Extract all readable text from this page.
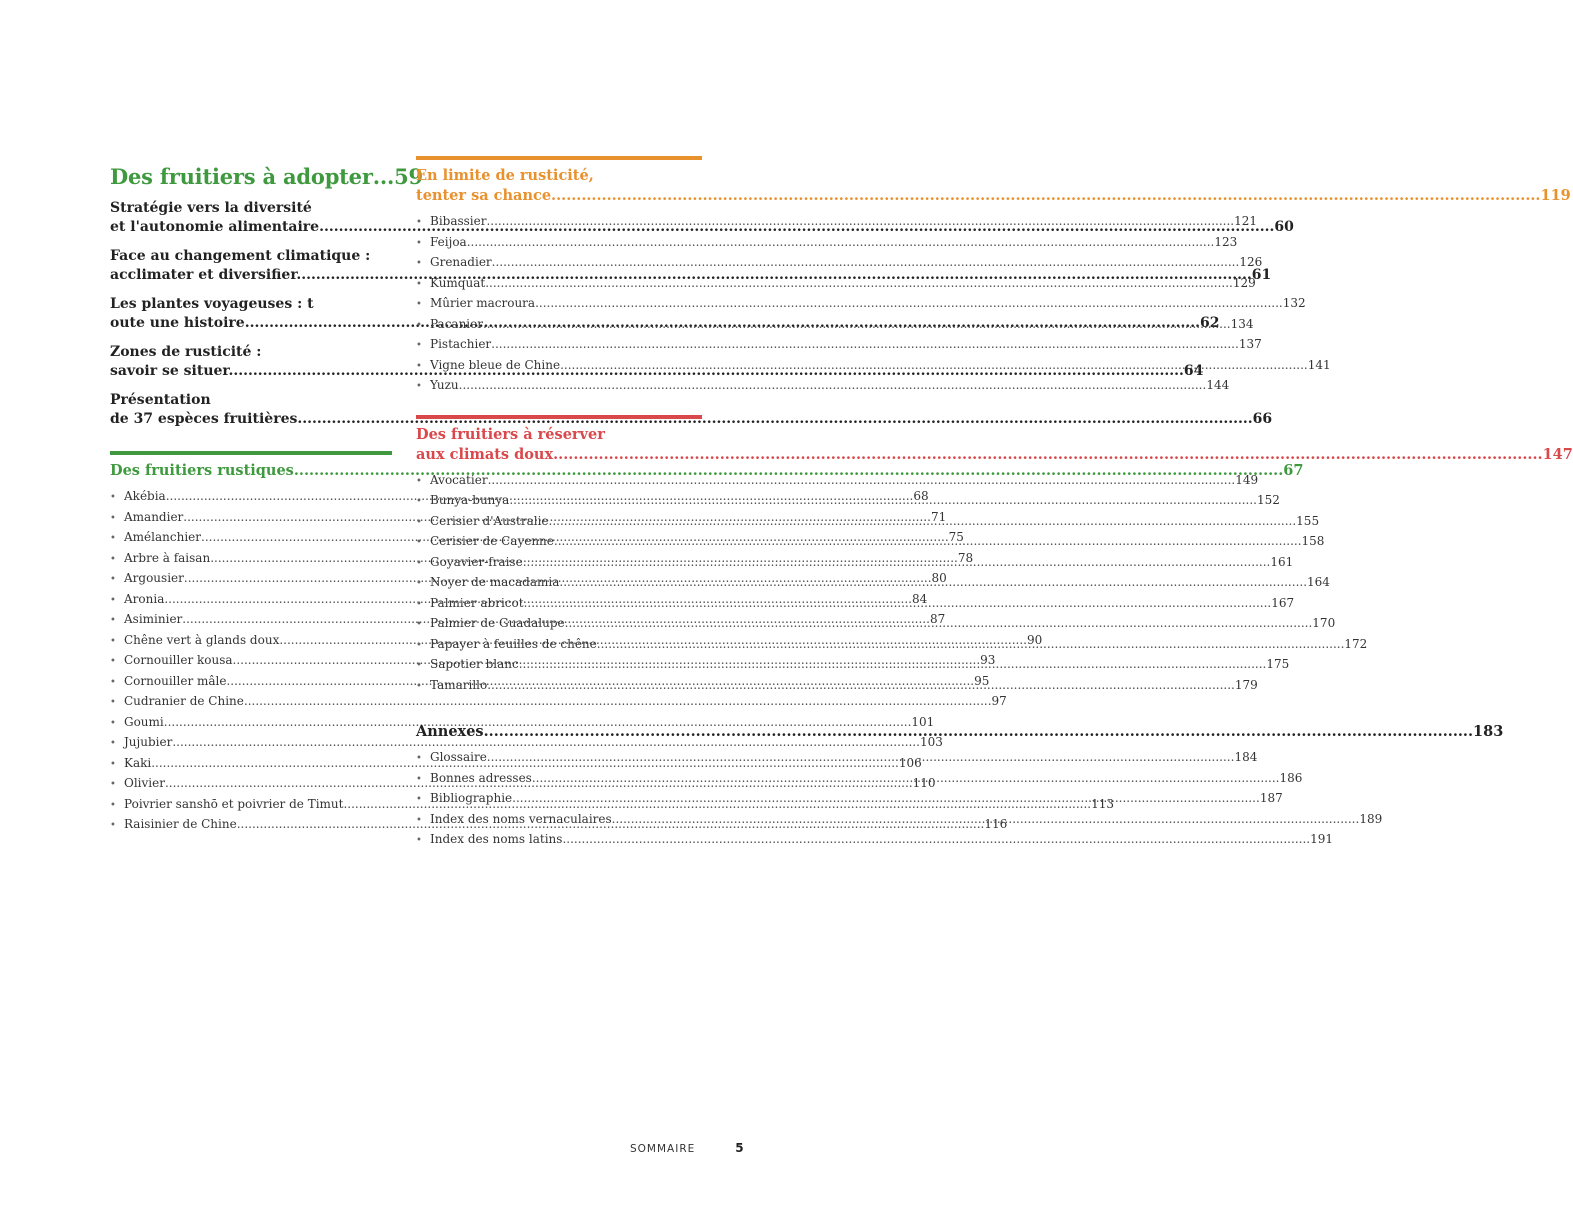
Des fruitiers à adopter ... 59
Stratégie vers la diversité
et l'autonomie alimentaire .....	60
Face au changement climatique :
acclimater et diversifier .....	61
Les plantes voyageuses : t
oute une histoire .....	62
Zones de rusticité :
savoir se situer .....	64
Présentation
de 37 espèces fruitières .....	66
Des fruitiers rustiques .....	67
• Akébia .....	68
• Amandier .....	71
• Amélanchier .....	75
• Arbre à faisan .....	78
• Argousier .....	80
• Aronia .....	84
• Asiminier .....	87
• Chêne vert à glands doux .....	90
• Cornouiller kousa .....	93
• Cornouiller mâle .....	95
• Cudranier de Chine .....	97
• Goumi .....	101
• Jujubier .....	103
• Kaki .....	106
• Olivier .....	110
• Poivrier sanshō et poivrier de Timut .....	113
• Raisinier de Chine .....	116
En limite de rusticité,
tenter sa chance .....	119
• Bibassier .....	121
• Feijoa .....	123
• Grenadier .....	126
• Kumquat .....	129
• Mûrier macroura .....	132
• Pacanier .....	134
• Pistachier .....	137
• Vigne bleue de Chine .....	141
• Yuzu .....	144
Des fruitiers à réserver
aux climats doux .....	147
• Avocatier .....	149
• Bunya-bunya .....	152
• Cerisier d'Australie .....	155
• Cerisier de Cayenne .....	158
• Goyavier-fraise .....	161
• Noyer de macadamia .....	164
• Palmier abricot .....	167
• Palmier de Guadalupe .....	170
• Papayer à feuilles de chêne .....	172
• Sapotier blanc .....	175
• Tamarillo .....	179
Annexes .....	183
• Glossaire .....	184
• Bonnes adresses .....	186
• Bibliographie .....	187
• Index des noms vernaculaires .....	189
• Index des noms latins .....	191
SOMMAIRE	5
